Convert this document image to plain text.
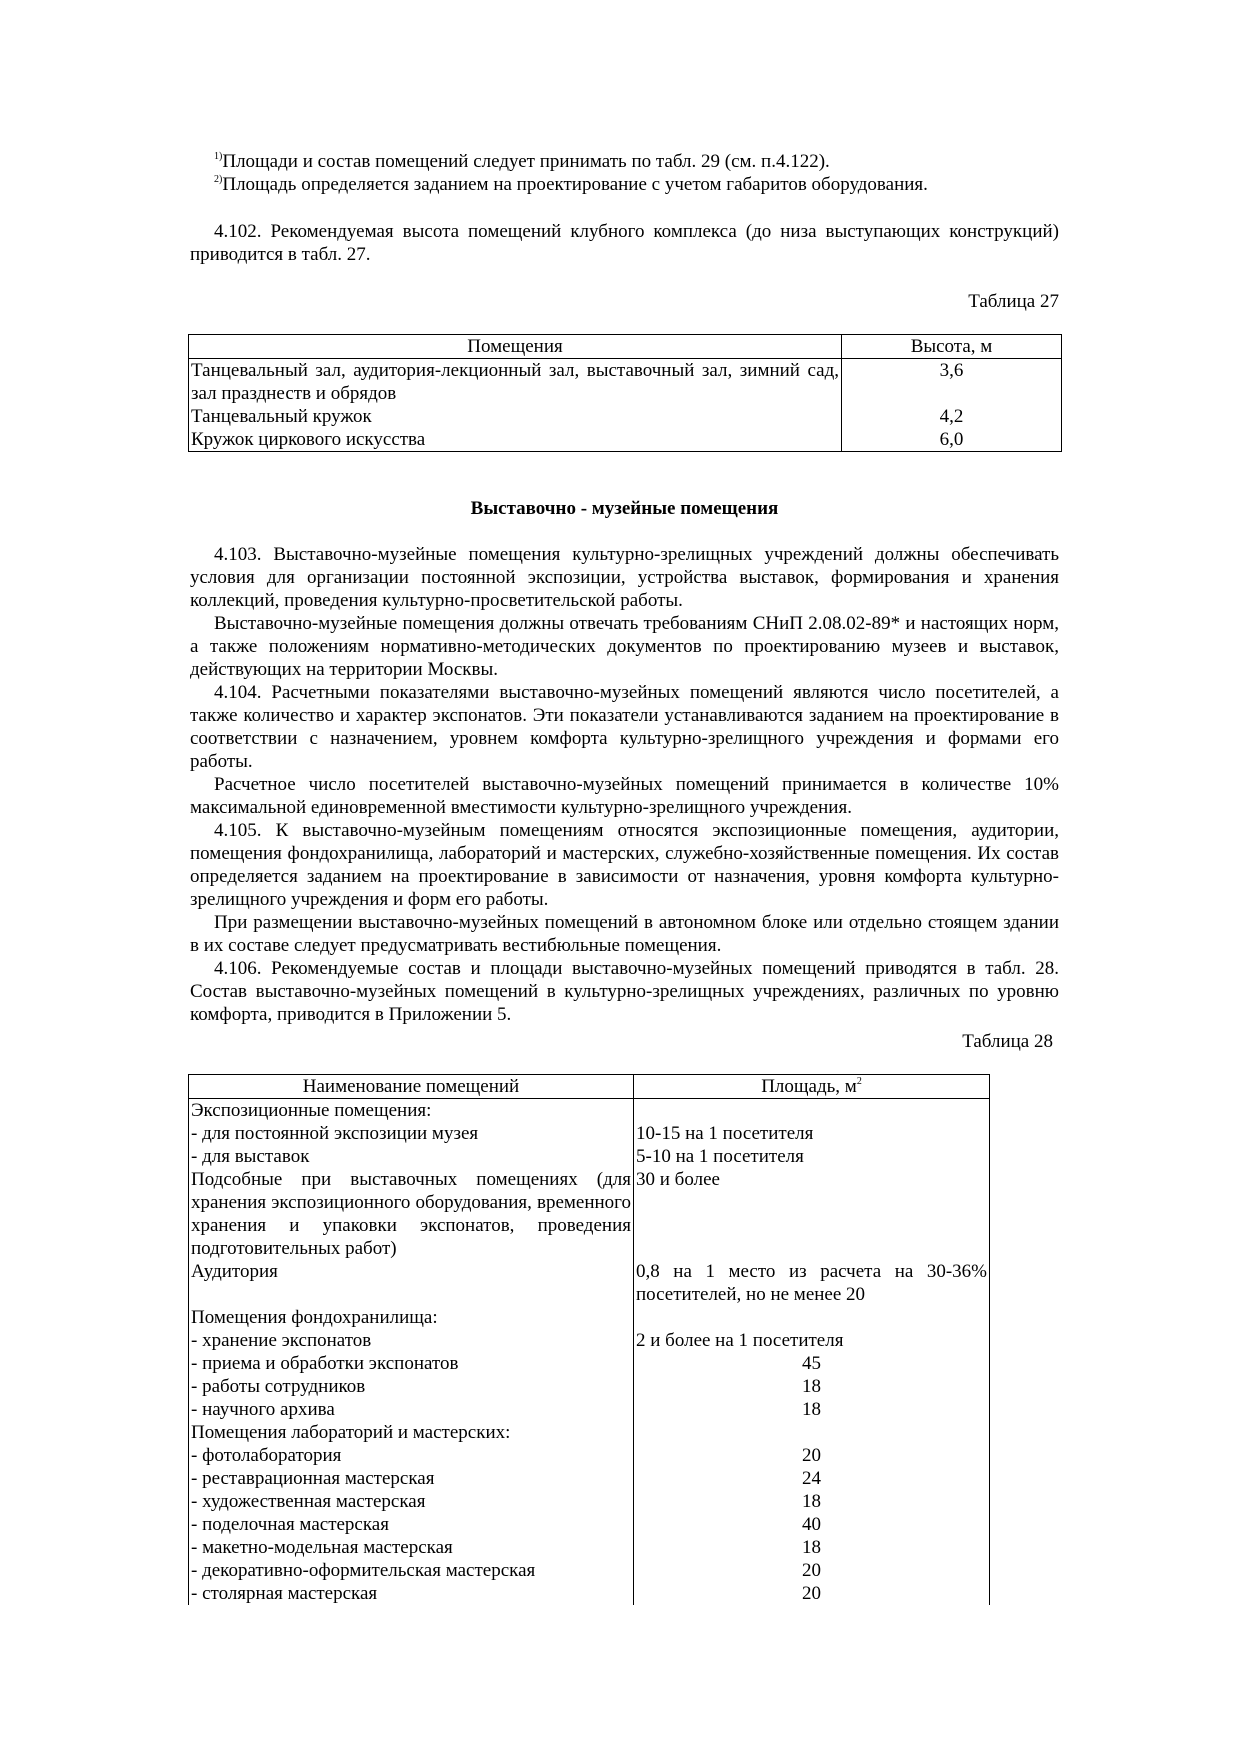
$^{1)}$Площади и состав помещений следует принимать по табл. 29 (см. п.4.122).
$^{2)}$Площадь определяется заданием на проектирование с учетом габаритов оборудования.

4.102. Рекомендуемая высота помещений клубного комплекса (до низа выступающих конструкций) приводится в табл. 27.

Таблица 27
Помещения	Высота, м
Танцевальный зал, аудитория-лекционный зал, выставочный зал, зимний сад, зал празднеств и обрядов	3,6
Танцевальный кружок	4,2
Кружок циркового искусства	6,0
Выставочно - музейные помещения

4.103. Выставочно-музейные помещения культурно-зрелищных учреждений должны обеспечивать условия для организации постоянной экспозиции, устройства выставок, формирования и хранения коллекций, проведения культурно-просветительской работы.

Выставочно-музейные помещения должны отвечать требованиям СНиП 2.08.02-89* и настоящих норм, а также положениям нормативно-методических документов по проектированию музеев и выставок, действующих на территории Москвы.

4.104. Расчетными показателями выставочно-музейных помещений являются число посетителей, а также количество и характер экспонатов. Эти показатели устанавливаются заданием на проектирование в соответствии с назначением, уровнем комфорта культурно-зрелищного учреждения и формами его работы.

Расчетное число посетителей выставочно-музейных помещений принимается в количестве 10% максимальной единовременной вместимости культурно-зрелищного учреждения.

4.105. К выставочно-музейным помещениям относятся экспозиционные помещения, аудитории, помещения фондохранилища, лабораторий и мастерских, служебно-хозяйственные помещения. Их состав определяется заданием на проектирование в зависимости от назначения, уровня комфорта культурно-зрелищного учреждения и форм его работы.

При размещении выставочно-музейных помещений в автономном блоке или отдельно стоящем здании в их составе следует предусматривать вестибюльные помещения.

4.106. Рекомендуемые состав и площади выставочно-музейных помещений приводятся в табл. 28. Состав выставочно-музейных помещений в культурно-зрелищных учреждениях, различных по уровню комфорта, приводится в Приложении 5.

Таблица 28
Наименование помещений	Площадь, $м^2$
Экспозиционные помещения:	
- для постоянной экспозиции музея	10-15 на 1 посетителя
- для выставок	5-10 на 1 посетителя
Подсобные при выставочных помещениях (для хранения экспозиционного оборудования, временного хранения и упаковки экспонатов, проведения подготовительных работ)	30 и более
Аудитория	0,8 на 1 место из расчета на 30-36% посетителей, но не менее 20
Помещения фондохранилища:	
- хранение экспонатов	2 и более на 1 посетителя
- приема и обработки экспонатов	45
- работы сотрудников	18
- научного архива	18
Помещения лабораторий и мастерских:	
- фотолаборатория	20
- реставрационная мастерская	24
- художественная мастерская	18
- поделочная мастерская	40
- макетно-модельная мастерская	18
- декоративно-оформительская мастерская	20
- столярная мастерская	20
